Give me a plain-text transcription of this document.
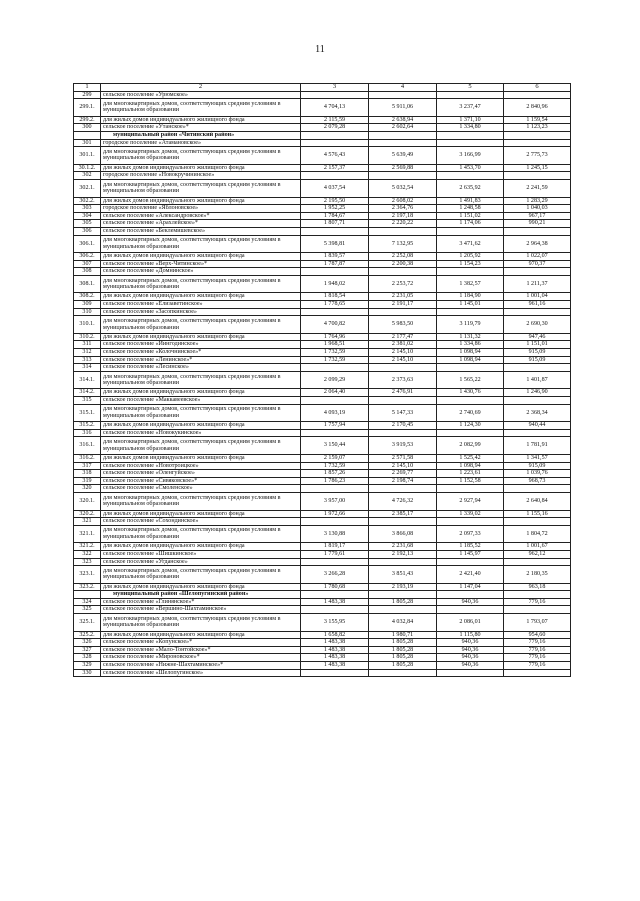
11
1	2	3	4	5	6
299	сельское поселение «Урюмское»				
299.1.	для многоквартирных домов, соответствующих средним условиям в муниципальном образовании	4 704,13	5 911,06	3 237,47	2 840,96
299.2.	для жилых домов индивидуального жилищного фонда	2 115,59	2 638,94	1 371,10	1 159,54
300	сельское поселение «Утанское»*	2 079,28	2 602,64	1 334,80	1 123,23
	муниципальный район «Читинский район»				
301	городское поселение «Атамановское»				
301.1.	для многоквартирных домов, соответствующих средним условиям в муниципальном образовании	4 576,43	5 639,49	3 166,99	2 775,73
30.1.2.	для жилых домов индивидуального жилищного фонда	2 157,37	2 569,88	1 453,70	1 245,15
302	городское поселение «Новокручининское»				
302.1.	для многоквартирных домов, соответствующих средним условиям в муниципальном образовании	4 037,54	5 032,54	2 635,92	2 241,59
302.2.	для жилых домов индивидуального жилищного фонда	2 195,50	2 608,02	1 491,83	1 283,29
303	городское поселение «Яблоновское»	1 952,25	2 364,76	1 248,58	1 040,03
304	сельское поселение «Александровское»*	1 784,67	2 197,18	1 151,02	967,17
305	сельское поселение «Арахлейское»*	1 807,71	2 220,22	1 174,06	990,21
306	сельское поселение «Беклемишевское»				
306.1.	для многоквартирных домов, соответствующих средним условиям в муниципальном образовании	5 398,81	7 132,95	3 471,62	2 964,38
306.2.	для жилых домов индивидуального жилищного фонда	1 839,57	2 252,08	1 205,92	1 022,07
307	сельское поселение «Верх-Читинское»*	1 787,87	2 200,38	1 154,23	970,37
308	сельское поселение «Домнинское»				
308.1.	для многоквартирных домов, соответствующих средним условиям в муниципальном образовании	1 948,02	2 253,72	1 382,57	1 211,37
308.2.	для жилых домов индивидуального жилищного фонда	1 818,54	2 231,05	1 184,90	1 001,04
309	сельское поселение «Елизаветинское»	1 778,65	2 191,17	1 145,01	961,16
310	сельское поселение «Засопкинское»				
310.1.	для многоквартирных домов, соответствующих средним условиям в муниципальном образовании	4 700,82	5 983,50	3 119,79	2 690,30
310.2.	для жилых домов индивидуального жилищного фонда	1 764,96	2 177,47	1 131,32	947,46
311	сельское поселение «Иингодинское»	1 968,51	2 381,02	1 334,86	1 151,01
312	сельское поселение «Колочнинское»*	1 732,59	2 145,10	1 098,94	915,09
313	сельское поселение «Ленинское»*	1 732,59	2 145,10	1 098,94	915,09
314	сельское поселение «Лесинское»				
314.1.	для многоквартирных домов, соответствующих средним условиям в муниципальном образовании	2 099,29	2 373,63	1 565,22	1 401,87
314.2.	для жилых домов индивидуального жилищного фонда	2 064,40	2 476,91	1 430,76	1 246,90
315	сельское поселение «Маккавеевское»				
315.1.	для многоквартирных домов, соответствующих средним условиям в муниципальном образовании	4 093,19	5 147,33	2 740,69	2 368,34
315.2.	для жилых домов индивидуального жилищного фонда	1 757,94	2 170,45	1 124,30	940,44
316	сельское поселение «Новокукинское»				
316.1.	для многоквартирных домов, соответствующих средним условиям в муниципальном образовании	3 150,44	3 919,53	2 082,99	1 781,91
316.2.	для жилых домов индивидуального жилищного фонда	2 159,07	2 571,58	1 525,42	1 341,57
317	сельское поселение «Новотроицкое»	1 732,59	2 145,10	1 098,94	915,09
318	сельское поселение «Оленгуйское»	1 857,26	2 269,77	1 223,61	1 039,76
319	сельское поселение «Сивяковское»*	1 786,23	2 198,74	1 152,58	968,73
320	сельское поселение «Смоленское»				
320.1.	для многоквартирных домов, соответствующих средним условиям в муниципальном образовании	3 957,00	4 726,32	2 927,94	2 640,84
320.2.	для жилых домов индивидуального жилищного фонда	1 972,66	2 385,17	1 339,02	1 155,16
321	сельское поселение «Сохондинское»				
321.1.	для многоквартирных домов, соответствующих средним условиям в муниципальном образовании	3 130,88	3 866,08	2 097,33	1 804,72
321.2.	для жилых домов индивидуального жилищного фонда	1 819,17	2 231,68	1 185,52	1 001,67
322	сельское поселение «Шишкинское»	1 779,61	2 192,13	1 145,97	962,12
323	сельское поселение «Угданское»				
323.1.	для многоквартирных домов, соответствующих средним условиям в муниципальном образовании	3 266,28	3 851,43	2 421,40	2 180,35
323.2.	для жилых домов индивидуального жилищного фонда	1 780,68	2 193,19	1 147,04	963,18
	муниципальный район «Шелопугинский район»				
324	сельское поселение «Глинянское»*	1 483,38	1 805,28	940,36	779,16
325	сельское поселение «Вершино-Шахтаминское»				
325.1.	для многоквартирных домов, соответствующих средним условиям в муниципальном образовании	3 155,95	4 032,84	2 086,01	1 793,07
325.2.	для жилых домов индивидуального жилищного фонда	1 658,82	1 980,71	1 115,80	954,60
326	сельское поселение «Копунское»*	1 483,38	1 805,28	940,36	779,16
327	сельское поселение «Мало-Тонтойское»*	1 483,38	1 805,28	940,36	779,16
328	сельское поселение «Мироновское»*	1 483,38	1 805,28	940,36	779,16
329	сельское поселение «Нижне-Шахтаминское»*	1 483,38	1 805,28	940,36	779,16
330	сельское поселение «Шелопугинское»				
